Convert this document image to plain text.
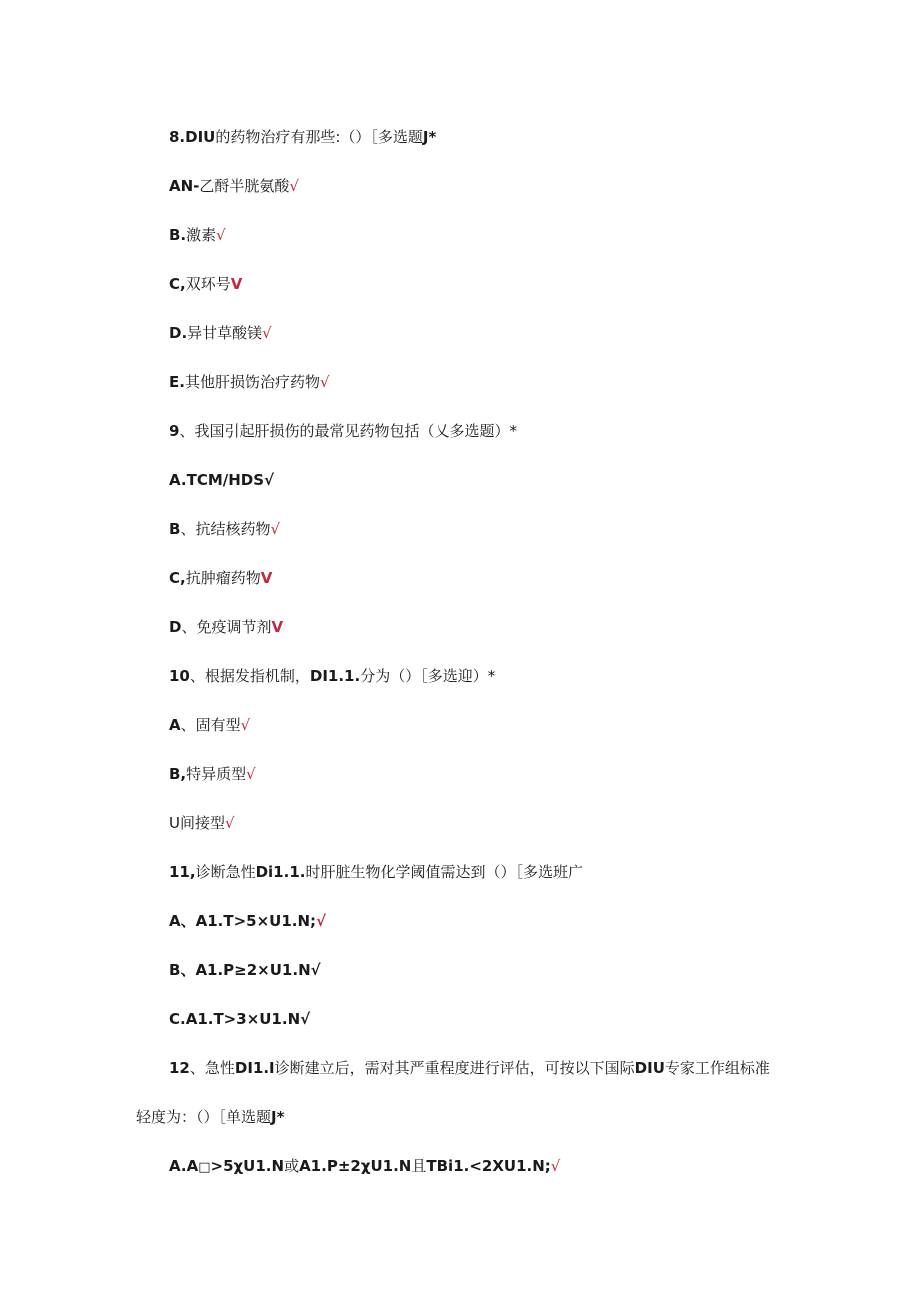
8.DIU的药物治疗有那些:（）［多选题J*
AN-乙酹半胱氨酸√
B.激素√
C,双环号V
D.异甘草酸镁√
E.其他肝损饬治疗药物√
9、我国引起肝损伤的最常见药物包括（乂多选题）*
A.TCM/HDS√
B、抗结核药物√
C,抗肿瘤药物V
D、免疫调节剂V
10、根据发指机制，DI1.1.分为（）［多选迎）*
A、固有型√
B,特异质型√
U间接型√
11,诊断急性Di1.1.时肝脏生物化学阈值需达到（）［多选班广
A、A1.T>5×U1.N;√
B、A1.P≥2×U1.N√
C.A1.T>3×U1.N√
12、急性DI1.I诊断建立后，需对其严重程度进行评估，可按以下国际DIU专家工作组标准
轻度为：（）［单选题J*
A.A□>5χU1.N或A1.P±2χU1.N且TBi1.<2XU1.N;√
